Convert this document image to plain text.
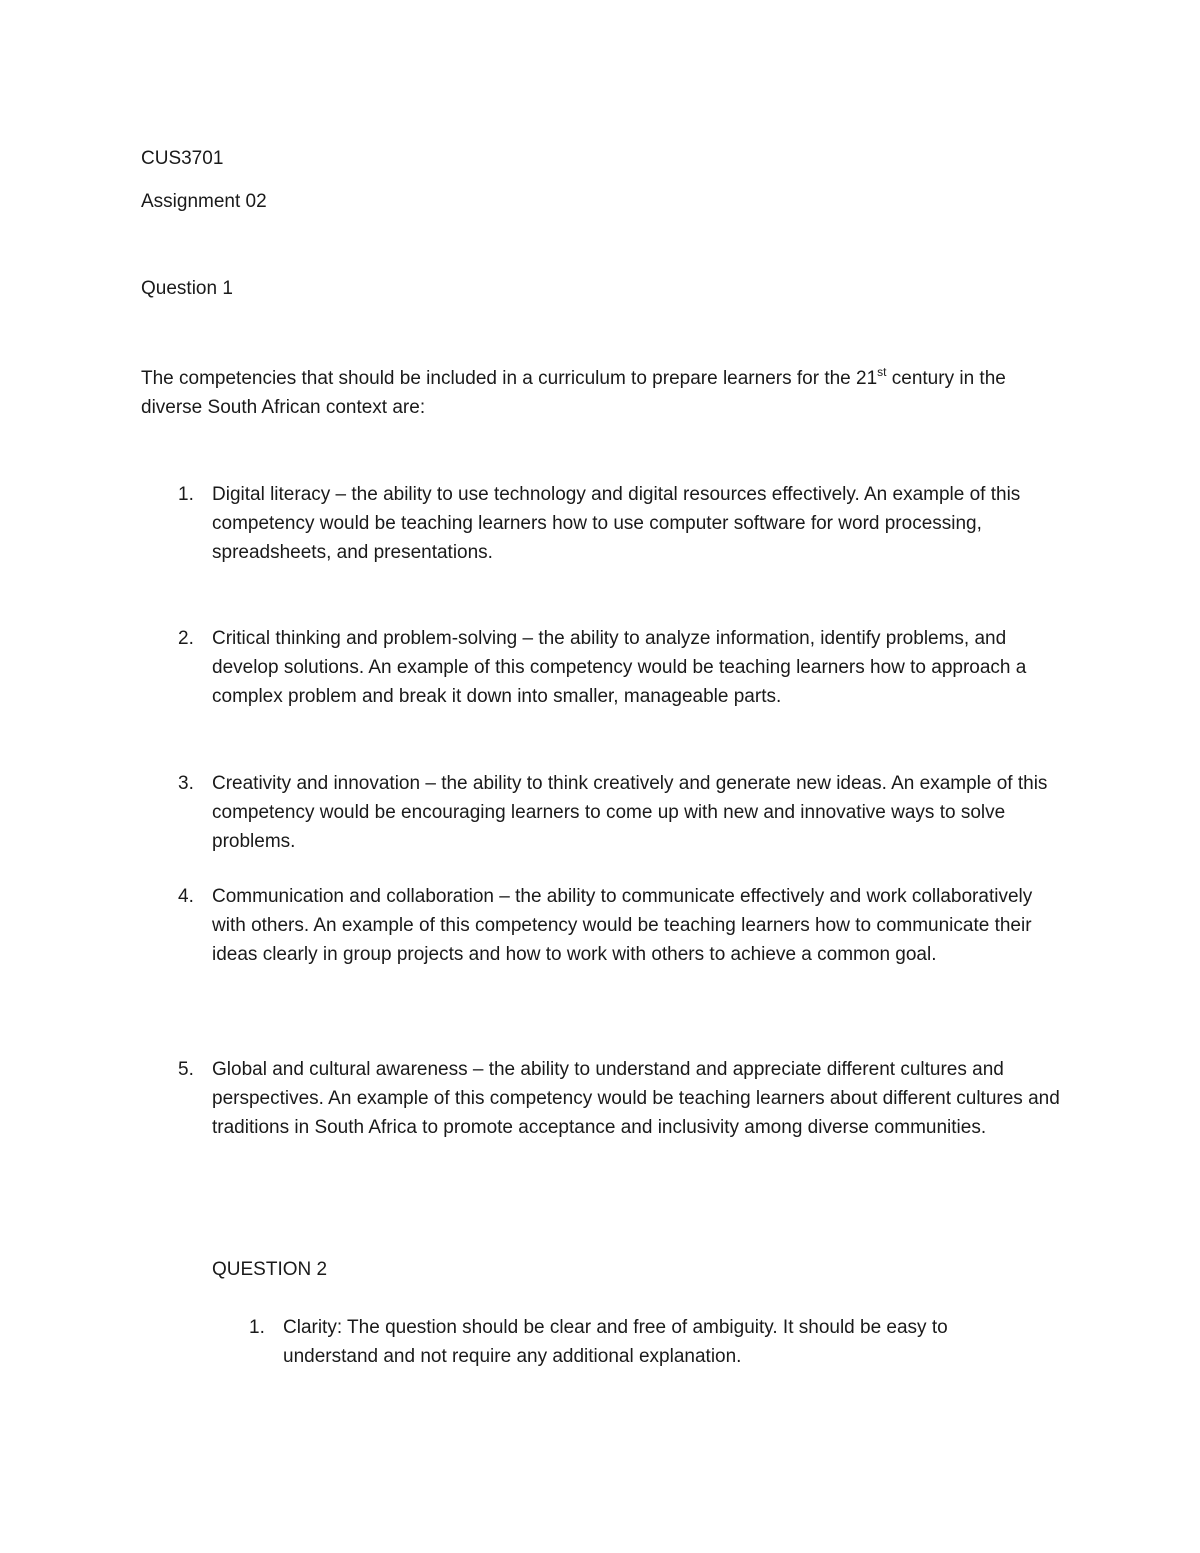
CUS3701

Assignment 02

Question 1

The competencies that should be included in a curriculum to prepare learners for the 21st century in the diverse South African context are:

1. Digital literacy – the ability to use technology and digital resources effectively. An example of this competency would be teaching learners how to use computer software for word processing, spreadsheets, and presentations.
2. Critical thinking and problem-solving – the ability to analyze information, identify problems, and develop solutions. An example of this competency would be teaching learners how to approach a complex problem and break it down into smaller, manageable parts.
3. Creativity and innovation – the ability to think creatively and generate new ideas. An example of this competency would be encouraging learners to come up with new and innovative ways to solve problems.
4. Communication and collaboration – the ability to communicate effectively and work collaboratively with others. An example of this competency would be teaching learners how to communicate their ideas clearly in group projects and how to work with others to achieve a common goal.
5. Global and cultural awareness – the ability to understand and appreciate different cultures and perspectives. An example of this competency would be teaching learners about different cultures and traditions in South Africa to promote acceptance and inclusivity among diverse communities.

QUESTION 2

1. Clarity: The question should be clear and free of ambiguity. It should be easy to understand and not require any additional explanation.
